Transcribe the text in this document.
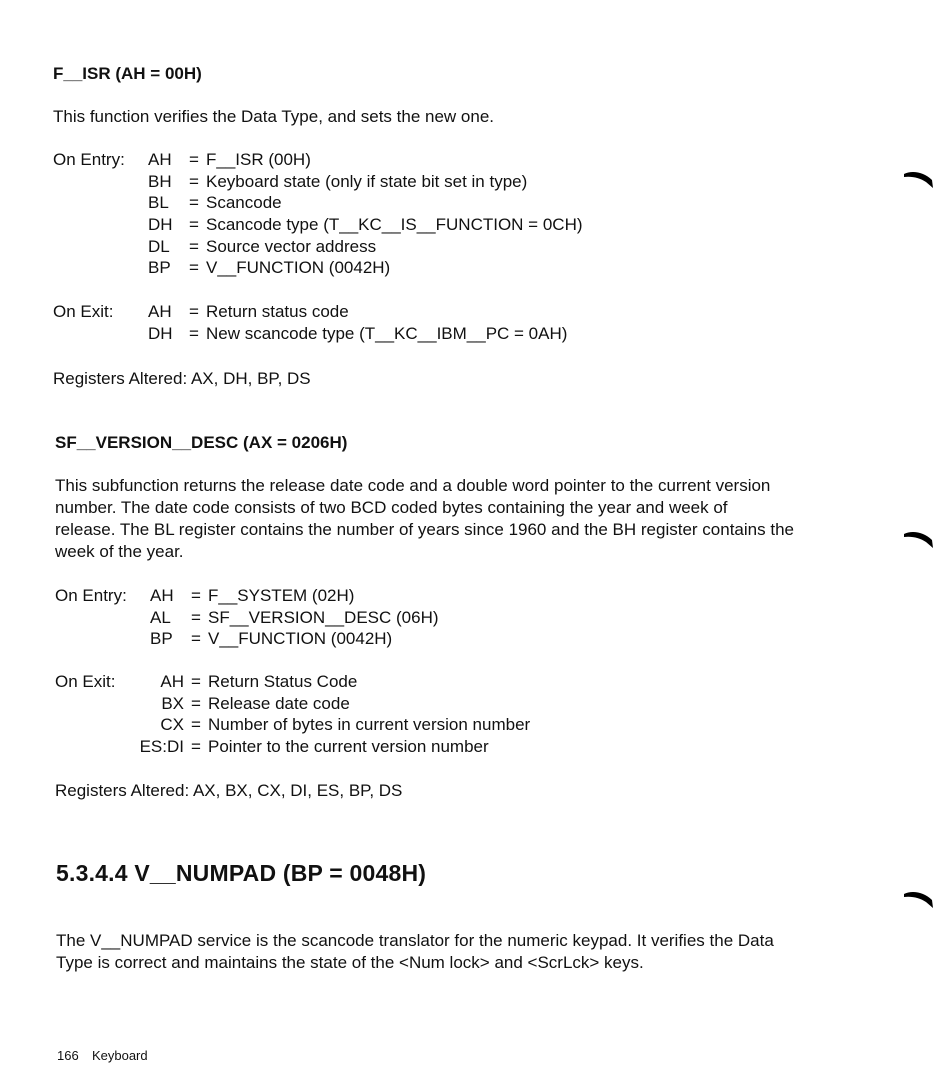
F__ISR (AH = 00H)
This function verifies the Data Type, and sets the new one.
On Entry:	AH	= F__ISR (00H)
BH	= Keyboard state (only if state bit set in type)
BL	= Scancode
DH = Scancode type (T__KC__IS__FUNCTION = 0CH)
DL	= Source vector address
BP	= V__FUNCTION (0042H)
On Exit:	AH	= Return status code
DH = New scancode type (T__KC__IBM__PC = 0AH)
Registers Altered: AX, DH, BP, DS
SF__VERSION__DESC (AX = 0206H)
This subfunction returns the release date code and a double word pointer to the current version
number. The date code consists of two BCD coded bytes containing the year and week of
release. The BL register contains the number of years since 1960 and the BH register contains the
week of the year.
On Entry:	AH	= F__SYSTEM (02H)
AL	= SF__VERSION__DESC (06H)
BP	= V__FUNCTION (0042H)
On Exit:	AH = Return Status Code
BX = Release date code
CX = Number of bytes in current version number
ES:DI = Pointer to the current version number
Registers Altered: AX, BX, CX, DI, ES, BP, DS
5.3.4.4 V__NUMPAD (BP = 0048H)
The V__NUMPAD service is the scancode translator for the numeric keypad. It verifies the Data
Type is correct and maintains the state of the <Num lock> and <ScrLck> keys.
166 Keyboard
